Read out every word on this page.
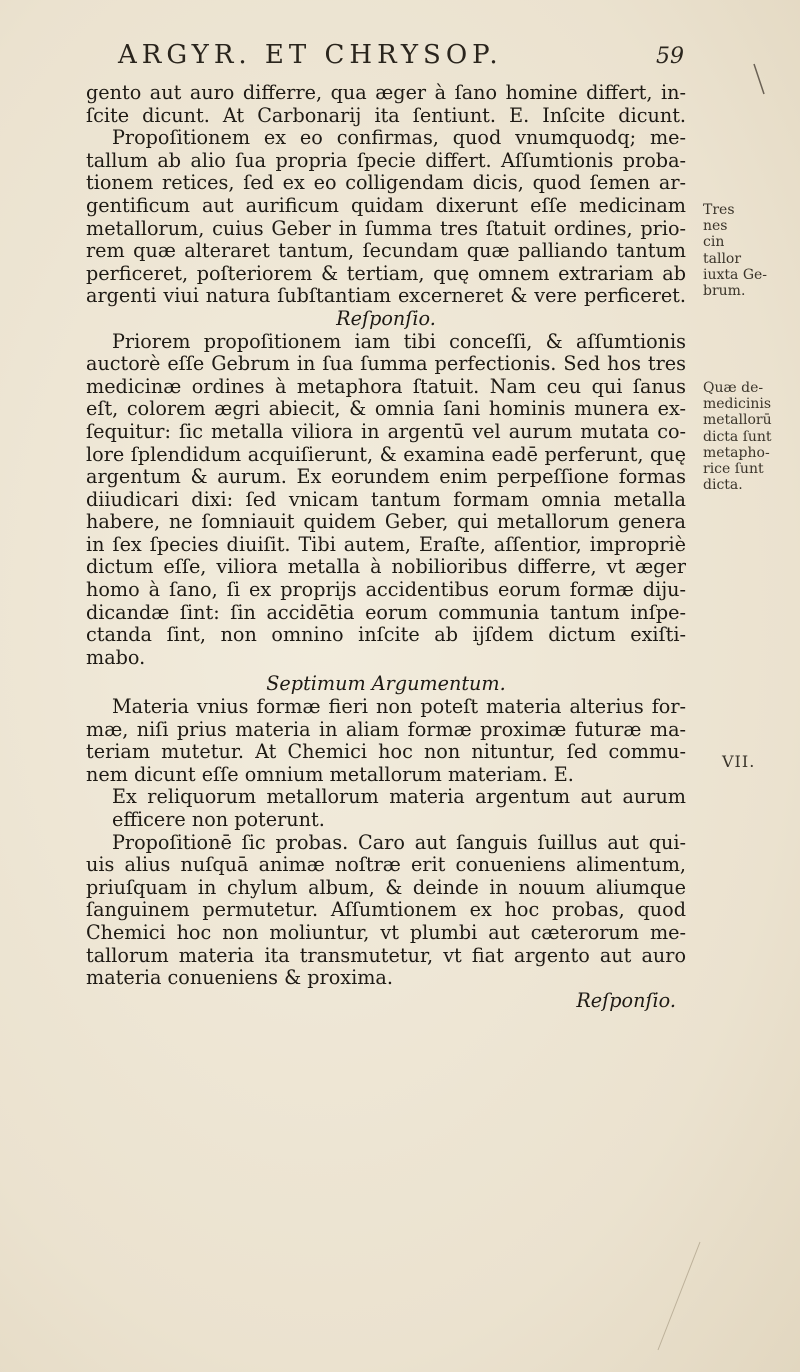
ARGYR. ET CHRYSOP.	59
gento aut auro differre, qua æger à ſano homine differt, in-
ſcite dicunt. At Carbonarij ita ſentiunt. E. Inſcite dicunt.
Propoſitionem ex eo confirmas, quod vnumquodq; me-
tallum ab alio ſua propria ſpecie differt. Aſſumtionis proba-
tionem retices, ſed ex eo colligendam dicis, quod ſemen ar-
gentificum aut aurificum quidam dixerunt eſſe medicinam
metallorum, cuius Geber in ſumma tres ſtatuit ordines, prio-
rem quæ alteraret tantum, ſecundam quæ palliando tantum
perficeret, poſteriorem & tertiam, quę omnem extrariam ab
argenti viui natura ſubſtantiam excerneret & vere perficeret.
Reſponſio.
Priorem propoſitionem iam tibi conceſſi, & aſſumtionis
auctorè eſſe Gebrum in ſua ſumma perfectionis. Sed hos tres
medicinæ ordines à metaphora ſtatuit. Nam ceu qui ſanus
eſt, colorem ægri abiecit, & omnia ſani hominis munera ex-
ſequitur: ſic metalla viliora in argentū vel aurum mutata co-
lore ſplendidum acquiſierunt, & examina eadē perferunt, quę
argentum & aurum. Ex eorundem enim perpeſſione formas
diiudicari dixi: ſed vnicam tantum formam omnia metalla
habere, ne ſomniauit quidem Geber, qui metallorum genera
in ſex ſpecies diuiſit. Tibi autem, Eraſte, aſſentior, impropriè
dictum eſſe, viliora metalla à nobilioribus differre, vt æger
homo à ſano, ſi ex proprijs accidentibus eorum formæ diju-
dicandæ ſint: ſin accidētia eorum communia tantum inſpe-
ctanda ſint, non omnino inſcite ab ijſdem dictum exiſti-
mabo.
Septimum Argumentum.
Materia vnius formæ fieri non poteſt materia alterius for-
mæ, niſi prius materia in aliam formæ proximæ futuræ ma-
teriam mutetur. At Chemici hoc non nituntur, ſed commu-
nem dicunt eſſe omnium metallorum materiam. E.
Ex reliquorum metallorum materia argentum aut aurum
efficere non poterunt.
Propoſitionē ſic probas. Caro aut ſanguis ſuillus aut qui-
uis alius nuſquā animæ noſtræ erit conueniens alimentum,
priuſquam in chylum album, & deinde in nouum aliumque
ſanguinem permutetur. Aſſumtionem ex hoc probas, quod
Chemici hoc non moliuntur, vt plumbi aut cæterorum me-
tallorum materia ita transmutetur, vt fiat argento aut auro
materia conueniens & proxima.
Reſponſio.
Tres
nes
cin
tallor
iuxta Ge-
brum.
Quæ de-
medicinis
metallorū
dicta ſunt
metapho-
rice ſunt
dicta.
VII.
